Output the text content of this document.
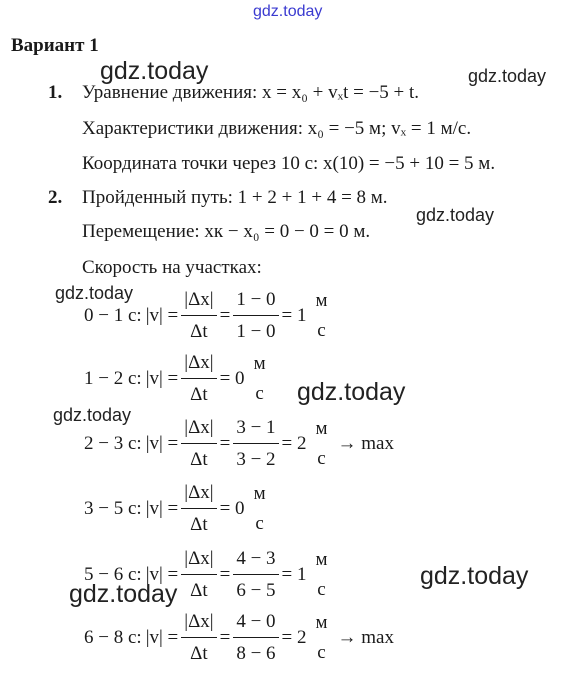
gdz.today
gdz.today	gdz.today
gdz.today
gdz.today
gdz.today
gdz.today
gdz.today
gdz.today
Вариант 1
1. Уравнение движения: x = x₀ + vₓt = −5 + t.
Характеристики движения: x₀ = −5 м; vₓ = 1 м/с.
Координата точки через 10 с: x(10) = −5 + 10 = 5 м.
2. Пройденный путь: 1 + 2 + 1 + 4 = 8 м.
Перемещение: xк − x₀ = 0 − 0 = 0 м.
Скорость на участках:
0 − 1 с: $|v| = \frac{|\Delta x|}{\Delta t} = \frac{1 - 0}{1 - 0} = 1$
м
с
1 − 2 с: $|v| = \frac{|\Delta x|}{\Delta t} = 0$
м
с
2 − 3 с: $|v| = \frac{|\Delta x|}{\Delta t} = \frac{3 - 1}{3 - 2} = 2$
м
с
→ max
3 − 5 с: $|v| = \frac{|\Delta x|}{\Delta t} = 0$
м
с
5 − 6 с: $|v| = \frac{|\Delta x|}{\Delta t} = \frac{4 - 3}{6 - 5} = 1$
м
с
6 − 8 с: $|v| = \frac{|\Delta x|}{\Delta t} = \frac{4 - 0}{8 - 6} = 2$
м
с
→ max
